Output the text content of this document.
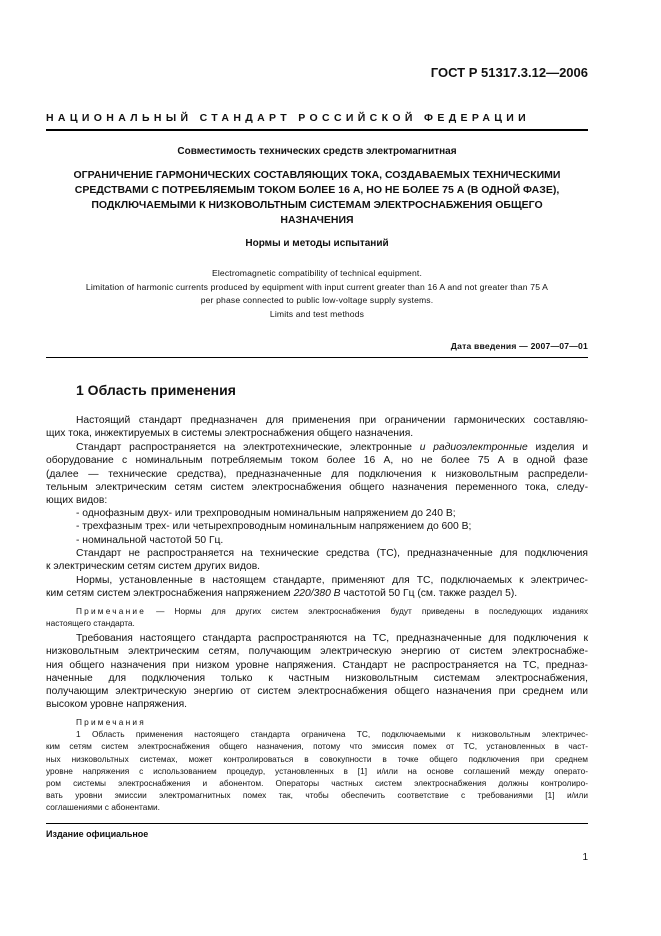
ГОСТ Р 51317.3.12—2006
НАЦИОНАЛЬНЫЙ СТАНДАРТ РОССИЙСКОЙ ФЕДЕРАЦИИ
Совместимость технических средств электромагнитная
ОГРАНИЧЕНИЕ ГАРМОНИЧЕСКИХ СОСТАВЛЯЮЩИХ ТОКА, СОЗДАВАЕМЫХ ТЕХНИЧЕСКИМИ
СРЕДСТВАМИ С ПОТРЕБЛЯЕМЫМ ТОКОМ БОЛЕЕ 16 А, НО НЕ БОЛЕЕ 75 А (В ОДНОЙ ФАЗЕ),
ПОДКЛЮЧАЕМЫМИ К НИЗКОВОЛЬТНЫМ СИСТЕМАМ ЭЛЕКТРОСНАБЖЕНИЯ ОБЩЕГО
НАЗНАЧЕНИЯ
Нормы и методы испытаний
Electromagnetic compatibility of technical equipment.
Limitation of harmonic currents produced by equipment with input current greater than 16 A and not greater than 75 A
per phase connected to public low-voltage supply systems.
Limits and test methods
Дата введения — 2007—07—01
1 Область применения
Настоящий стандарт предназначен для применения при ограничении гармонических составляю-
щих тока, инжектируемых в системы электроснабжения общего назначения.
Стандарт распространяется на электротехнические, электронные и радиоэлектронные изделия и
оборудование с номинальным потребляемым током более 16 А, но не более 75 А в одной фазе
(далее — технические средства), предназначенные для подключения к низковольтным распредели-
тельным электрическим сетям систем электроснабжения общего назначения переменного тока, следу-
ющих видов:
- однофазным двух- или трехпроводным номинальным напряжением до 240 В;
- трехфазным трех- или четырехпроводным номинальным напряжением до 600 В;
- номинальной частотой 50 Гц.
Стандарт не распространяется на технические средства (ТС), предназначенные для подключения
к электрическим сетям систем других видов.
Нормы, установленные в настоящем стандарте, применяют для ТС, подключаемых к электричес-
ким сетям систем электроснабжения напряжением 220/380 В частотой 50 Гц (см. также раздел 5).
Примечание — Нормы для других систем электроснабжения будут приведены в последующих изданиях
настоящего стандарта.
Требования настоящего стандарта распространяются на ТС, предназначенные для подключения к
низковольтным электрическим сетям, получающим электрическую энергию от систем электроснабже-
ния общего назначения при низком уровне напряжения. Стандарт не распространяется на ТС, предназ-
наченные для подключения только к частным низковольтным системам электроснабжения,
получающим электрическую энергию от систем электроснабжения общего назначения при среднем или
высоком уровне напряжения.
Примечания
1 Область применения настоящего стандарта ограничена ТС, подключаемыми к низковольтным электричес-
ким сетям систем электроснабжения общего назначения, потому что эмиссия помех от ТС, установленных в част-
ных низковольтных системах, может контролироваться в совокупности в точке общего подключения при среднем
уровне напряжения с использованием процедур, установленных в [1] и/или на основе соглашений между операто-
ром системы электроснабжения и абонентом. Операторы частных систем электроснабжения должны контролиро-
вать уровни эмиссии электромагнитных помех так, чтобы обеспечить соответствие с требованиями [1] и/или
соглашениями с абонентами.
Издание официальное
1
